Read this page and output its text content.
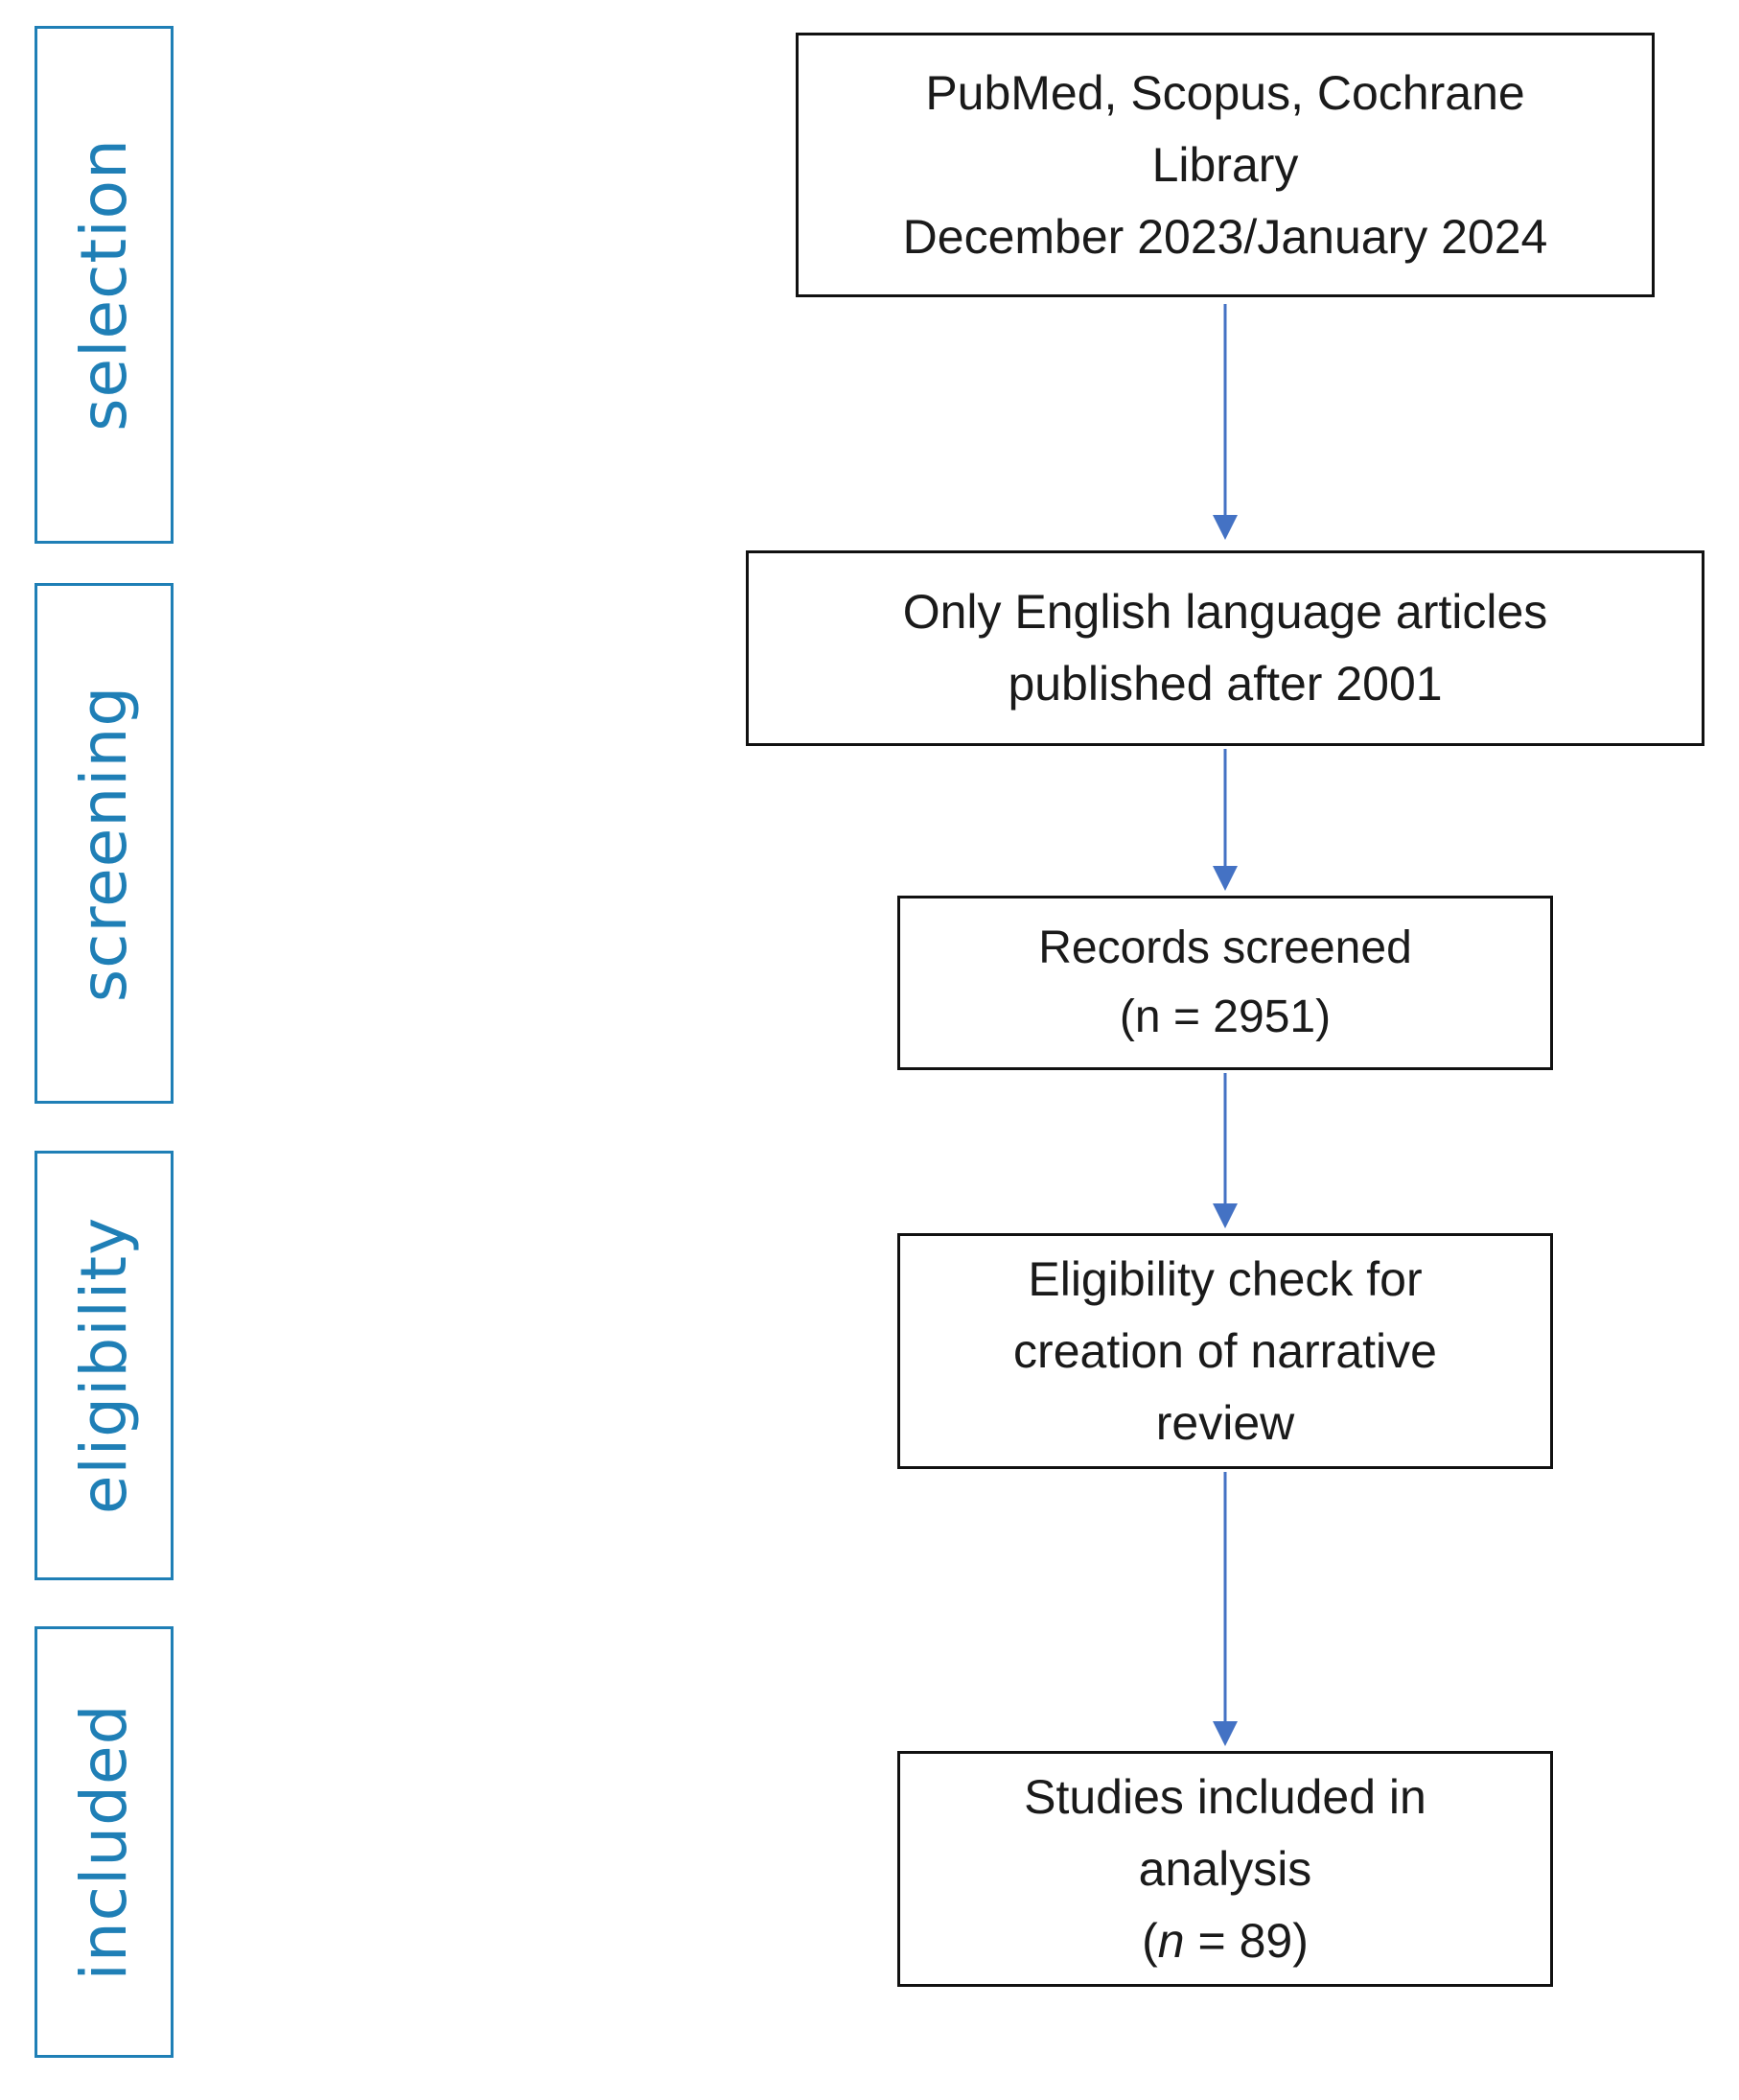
selection
screening
eligibility
included
PubMed, Scopus, Cochrane
Library
December 2023/January 2024
Only English language articles
published after 2001
Records screened
(n = 2951)
Eligibility check for
creation of narrative
review
Studies included in
analysis
(n = 89)
